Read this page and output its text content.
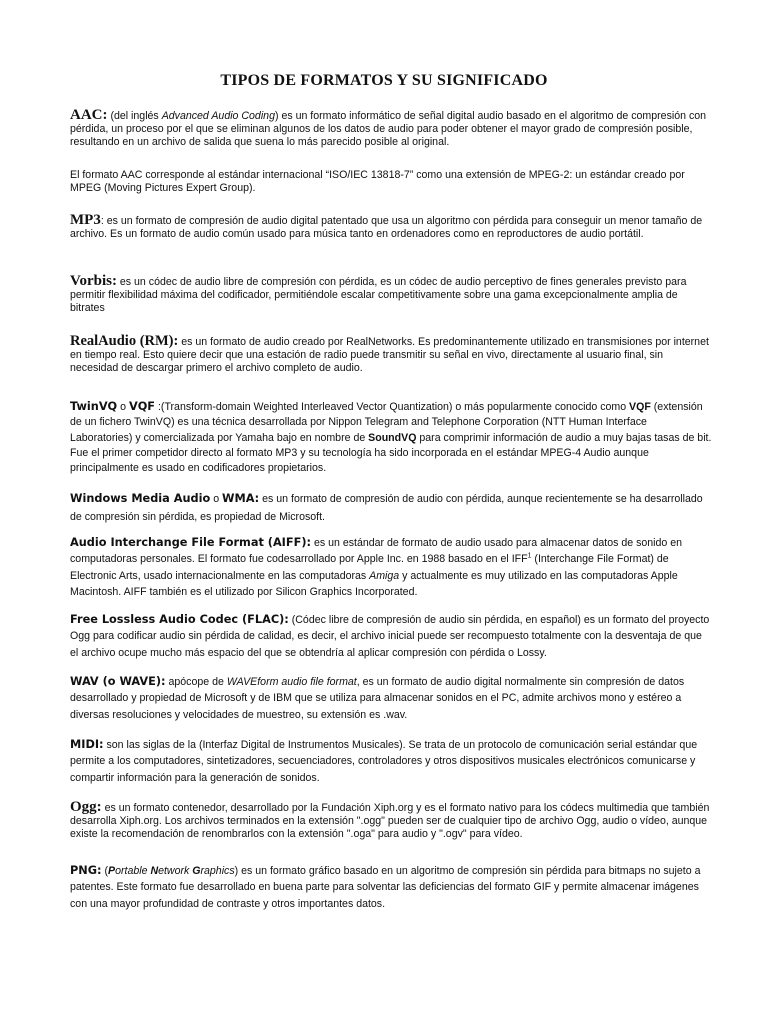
TIPOS DE FORMATOS Y SU SIGNIFICADO

AAC: (del inglés Advanced Audio Coding) es un formato informático de señal digital audio basado en el algoritmo de compresión con pérdida, un proceso por el que se eliminan algunos de los datos de audio para poder obtener el mayor grado de compresión posible, resultando en un archivo de salida que suena lo más parecido posible al original.

El formato AAC corresponde al estándar internacional “ISO/IEC 13818-7” como una extensión de MPEG-2: un estándar creado por MPEG (Moving Pictures Expert Group).

MP3: es un formato de compresión de audio digital patentado que usa un algoritmo con pérdida para conseguir un menor tamaño de archivo. Es un formato de audio común usado para música tanto en ordenadores como en reproductores de audio portátil.

Vorbis: es un códec de audio libre de compresión con pérdida, es un códec de audio perceptivo de fines generales previsto para permitir flexibilidad máxima del codificador, permitiéndole escalar competitivamente sobre una gama excepcionalmente amplia de bitrates

RealAudio (RM): es un formato de audio creado por RealNetworks. Es predominantemente utilizado en transmisiones por internet en tiempo real. Esto quiere decir que una estación de radio puede transmitir su señal en vivo, directamente al usuario final, sin necesidad de descargar primero el archivo completo de audio.

TwinVQ o VQF :(Transform-domain Weighted Interleaved Vector Quantization) o más popularmente conocido como VQF (extensión de un fichero TwinVQ) es una técnica desarrollada por Nippon Telegram and Telephone Corporation (NTT Human Interface Laboratories) y comercializada por Yamaha bajo en nombre de SoundVQ para comprimir información de audio a muy bajas tasas de bit. Fue el primer competidor directo al formato MP3 y su tecnología ha sido incorporada en el estándar MPEG-4 Audio aunque principalmente es usado en codificadores propietarios.

Windows Media Audio o WMA: es un formato de compresión de audio con pérdida, aunque recientemente se ha desarrollado de compresión sin pérdida, es propiedad de Microsoft.

Audio Interchange File Format (AIFF): es un estándar de formato de audio usado para almacenar datos de sonido en computadoras personales. El formato fue codesarrollado por Apple Inc. en 1988 basado en el IFF$^1$ (Interchange File Format) de Electronic Arts, usado internacionalmente en las computadoras Amiga y actualmente es muy utilizado en las computadoras Apple Macintosh. AIFF también es el utilizado por Silicon Graphics Incorporated.

Free Lossless Audio Codec (FLAC): (Códec libre de compresión de audio sin pérdida, en español) es un formato del proyecto Ogg para codificar audio sin pérdida de calidad, es decir, el archivo inicial puede ser recompuesto totalmente con la desventaja de que el archivo ocupe mucho más espacio del que se obtendría al aplicar compresión con pérdida o Lossy.

WAV (o WAVE): apócope de WAVEform audio file format, es un formato de audio digital normalmente sin compresión de datos desarrollado y propiedad de Microsoft y de IBM que se utiliza para almacenar sonidos en el PC, admite archivos mono y estéreo a diversas resoluciones y velocidades de muestreo, su extensión es .wav.

MIDI: son las siglas de la (Interfaz Digital de Instrumentos Musicales). Se trata de un protocolo de comunicación serial estándar que permite a los computadores, sintetizadores, secuenciadores, controladores y otros dispositivos musicales electrónicos comunicarse y compartir información para la generación de sonidos.

Ogg: es un formato contenedor, desarrollado por la Fundación Xiph.org y es el formato nativo para los códecs multimedia que también desarrolla Xiph.org. Los archivos terminados en la extensión ".ogg" pueden ser de cualquier tipo de archivo Ogg, audio o vídeo, aunque existe la recomendación de renombrarlos con la extensión ".oga" para audio y ".ogv" para vídeo.

PNG: (Portable Network Graphics) es un formato gráfico basado en un algoritmo de compresión sin pérdida para bitmaps no sujeto a patentes. Este formato fue desarrollado en buena parte para solventar las deficiencias del formato GIF y permite almacenar imágenes con una mayor profundidad de contraste y otros importantes datos.
